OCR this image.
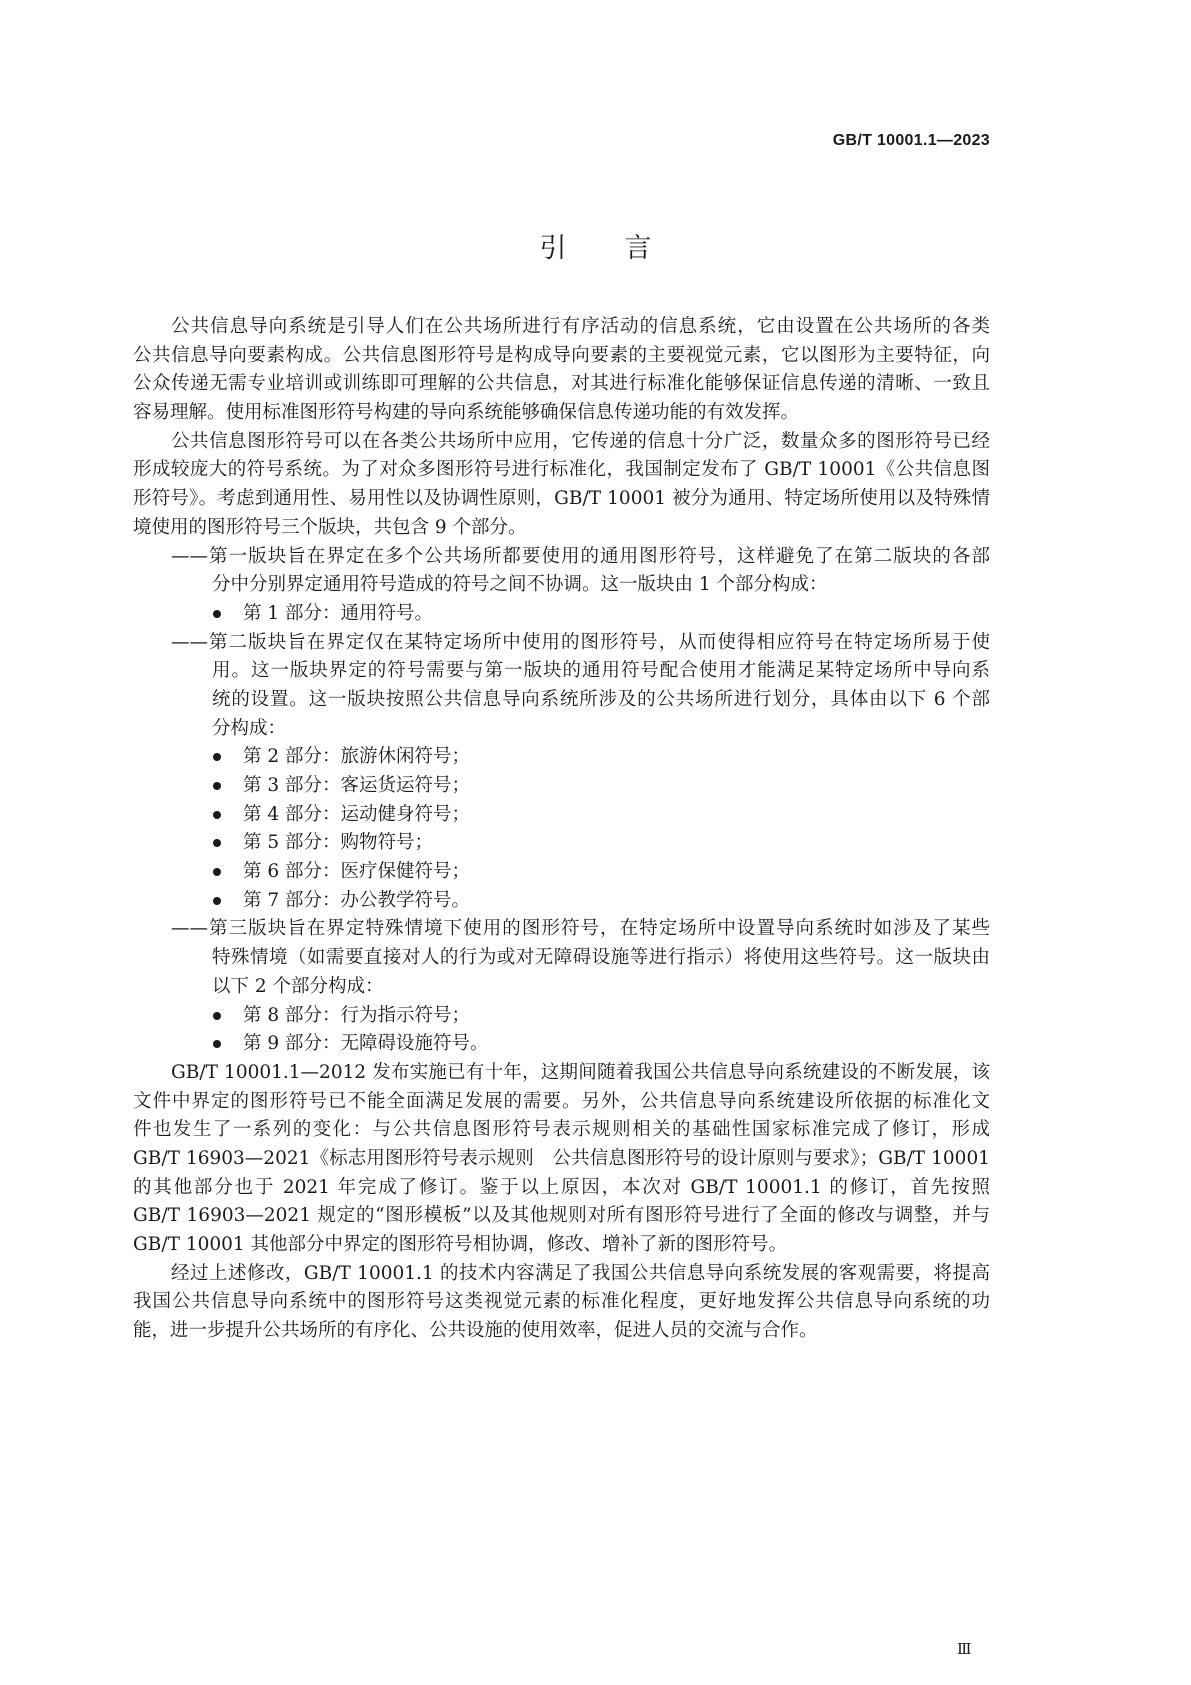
GB/T 10001.1—2023
引言
公共信息导向系统是引导人们在公共场所进行有序活动的信息系统，它由设置在公共场所的各类
公共信息导向要素构成。公共信息图形符号是构成导向要素的主要视觉元素，它以图形为主要特征，向
公众传递无需专业培训或训练即可理解的公共信息，对其进行标准化能够保证信息传递的清晰、一致且
容易理解。使用标准图形符号构建的导向系统能够确保信息传递功能的有效发挥。
公共信息图形符号可以在各类公共场所中应用，它传递的信息十分广泛，数量众多的图形符号已经
形成较庞大的符号系统。为了对众多图形符号进行标准化，我国制定发布了 GB/T 10001《公共信息图
形符号》。考虑到通用性、易用性以及协调性原则，GB/T 10001 被分为通用、特定场所使用以及特殊情
境使用的图形符号三个版块，共包含 9 个部分。
——第一版块旨在界定在多个公共场所都要使用的通用图形符号，这样避免了在第二版块的各部
分中分别界定通用符号造成的符号之间不协调。这一版块由 1 个部分构成：
第 1 部分：通用符号。
——第二版块旨在界定仅在某特定场所中使用的图形符号，从而使得相应符号在特定场所易于使
用。这一版块界定的符号需要与第一版块的通用符号配合使用才能满足某特定场所中导向系
统的设置。这一版块按照公共信息导向系统所涉及的公共场所进行划分，具体由以下 6 个部
分构成：
第 2 部分：旅游休闲符号；
第 3 部分：客运货运符号；
第 4 部分：运动健身符号；
第 5 部分：购物符号；
第 6 部分：医疗保健符号；
第 7 部分：办公教学符号。
——第三版块旨在界定特殊情境下使用的图形符号，在特定场所中设置导向系统时如涉及了某些
特殊情境（如需要直接对人的行为或对无障碍设施等进行指示）将使用这些符号。这一版块由
以下 2 个部分构成：
第 8 部分：行为指示符号；
第 9 部分：无障碍设施符号。
GB/T 10001.1—2012 发布实施已有十年，这期间随着我国公共信息导向系统建设的不断发展，该
文件中界定的图形符号已不能全面满足发展的需要。另外，公共信息导向系统建设所依据的标准化文
件也发生了一系列的变化：与公共信息图形符号表示规则相关的基础性国家标准完成了修订，形成
GB/T 16903—2021《标志用图形符号表示规则　公共信息图形符号的设计原则与要求》；GB/T 10001
的其他部分也于 2021 年完成了修订。鉴于以上原因，本次对 GB/T 10001.1 的修订，首先按照
GB/T 16903—2021 规定的“图形模板”以及其他规则对所有图形符号进行了全面的修改与调整，并与
GB/T 10001 其他部分中界定的图形符号相协调，修改、增补了新的图形符号。
经过上述修改，GB/T 10001.1 的技术内容满足了我国公共信息导向系统发展的客观需要，将提高
我国公共信息导向系统中的图形符号这类视觉元素的标准化程度，更好地发挥公共信息导向系统的功
能，进一步提升公共场所的有序化、公共设施的使用效率，促进人员的交流与合作。
Ⅲ
